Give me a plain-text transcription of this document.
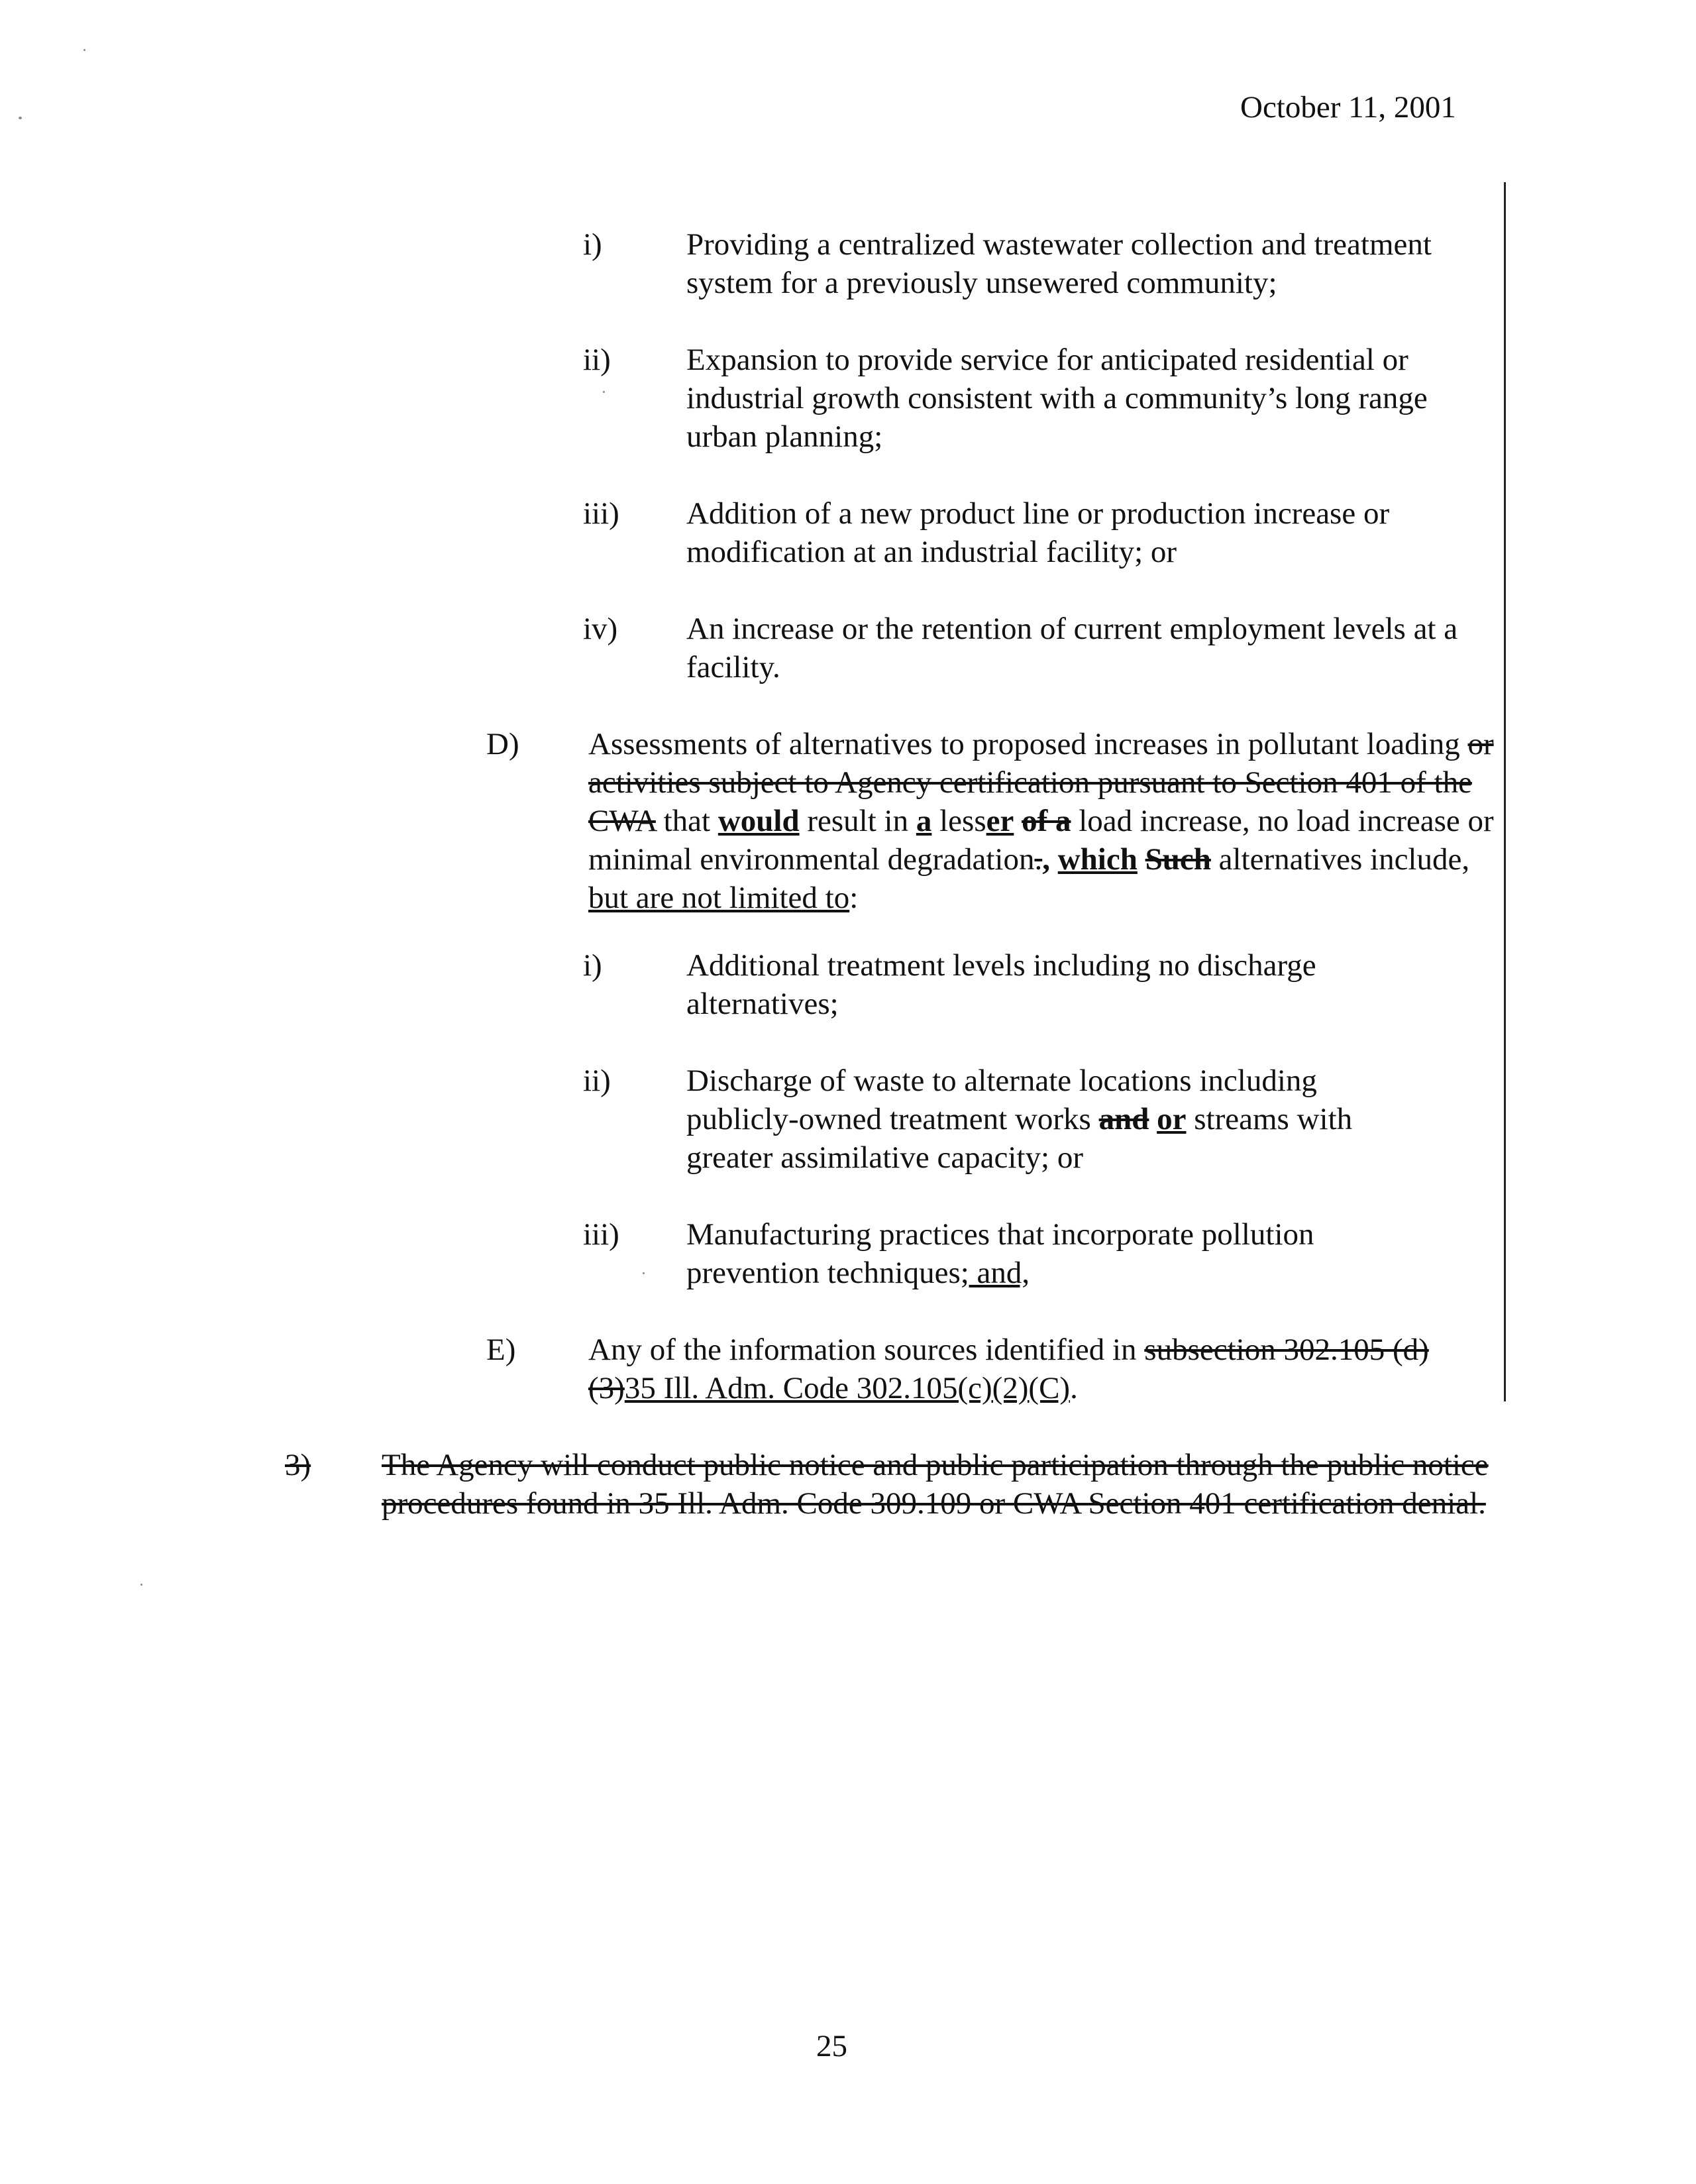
October 11, 2001
i)	Providing a centralized wastewater collection and treatment system for a previously unsewered community;
ii) Expansion to provide service for anticipated residential or industrial growth consistent with a community’s long range urban planning;
iii) Addition of a new product line or production increase or modification at an industrial facility; or
iv) An increase or the retention of current employment levels at a facility.
D) Assessments of alternatives to proposed increases in pollutant loading or activities subject to Agency certification pursuant to Section 401 of the CWA that would result in a lesser of a load increase, no load increase or minimal environmental degradation., which Such alternatives include, but are not limited to:
i)	Additional treatment levels including no discharge alternatives;
ii) Discharge of waste to alternate locations including publicly-owned treatment works and or streams with greater assimilative capacity; or
iii) Manufacturing practices that incorporate pollution prevention techniques; and,
E) Any of the information sources identified in subsection 302.105 (d)(3)35 Ill. Adm. Code 302.105(c)(2)(C).
3)	The Agency will conduct public notice and public participation through the public notice procedures found in 35 Ill. Adm. Code 309.109 or CWA Section 401 certification denial.
25
